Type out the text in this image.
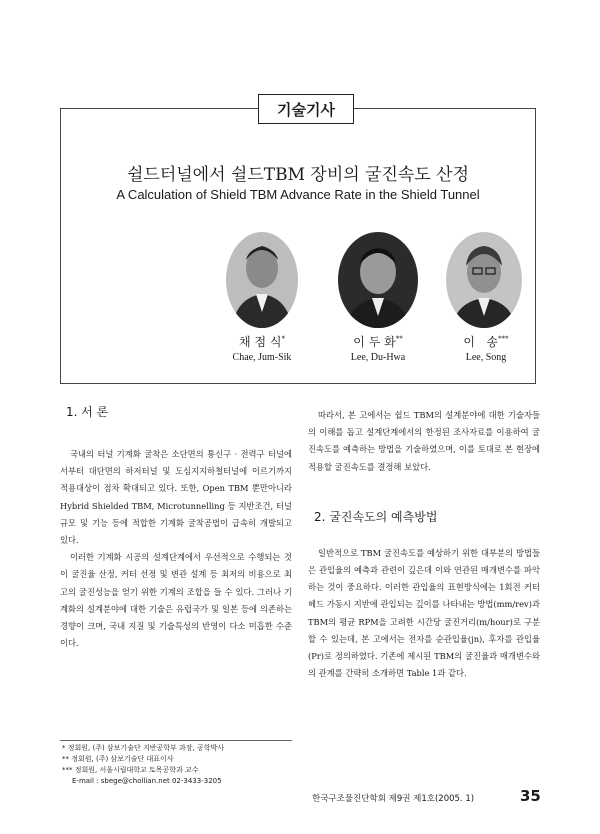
기술기사
쉴드터널에서 쉴드TBM 장비의 굴진속도 산정
A Calculation of Shield TBM Advance Rate in the Shield Tunnel
채 점 식*
Chae, Jum-Sik
이 두 화**
Lee, Du-Hwa
이   송***
Lee, Song
1. 서 론

국내의 터널 기계화 굴착은 소단면의 통신구 · 전력구 터널에서부터 대단면의 하저터널 및 도심지지하철터널에 이르기까지 적용대상이 점차 확대되고 있다. 또한, Open TBM 뿐만아니라 Hybrid Shielded TBM, Microtunnelling 등 지반조건, 터널 규모 및 기능 등에 적합한 기계화 굴착공법이 급속히 개발되고 있다.

이러한 기계화 시공의 설계단계에서 우선적으로 수행되는 것이 굴진율 산정, 커터 선정 및 변관 설계 등 최저의 비용으로 최고의 굴진성능을 얻기 위한 기계의 조합을 들 수 있다. 그러나 기계화의 설계분야에 대한 기술은 유럽국가 및 일본 등에 의존하는 경향이 크며, 국내 지질 및 기술특성의 반영이 다소 미흡한 수준이다.

* 정회원, (주) 삼보기술단 지반공학부 과장, 공학박사
** 정회원, (주) 삼보기술단 대표이사
*** 정회원, 서울시립대학교 토목공학과 교수
E-mail : sbege@chollian.net 02-3433-3205

따라서, 본 고에서는 쉴드 TBM의 설계분야에 대한 기술자들의 이해를 돕고 설계단계에서의 한정된 조사자료를 이용하여 굴진속도를 예측하는 방법을 기술하였으며, 이를 토대로 본 현장에 적용할 굴진속도를 결정해 보았다.

2. 굴진속도의 예측방법

일반적으로 TBM 굴진속도를 예상하기 위한 대부분의 방법들은 관입율의 예측과 관련이 깊은데 이와 연관된 매개변수를 파악하는 것이 중요하다. 이러한 관입율의 표현방식에는 1회전 커터헤드 가동시 지반에 관입되는 깊이를 나타내는 방법(mm/rev)과 TBM의 평균 RPM을 고려한 시간당 굴진거리(m/hour)로 구분할 수 있는데, 본 고에서는 전자를 순관입율(jn), 후자를 관입율(Pr)로 정의하였다. 기존에 제시된 TBM의 굴진율과 매개변수와의 관계를 간략히 소개하면 Table 1과 같다.

한국구조물진단학회 제9권 제1호(2005. 1)	35
